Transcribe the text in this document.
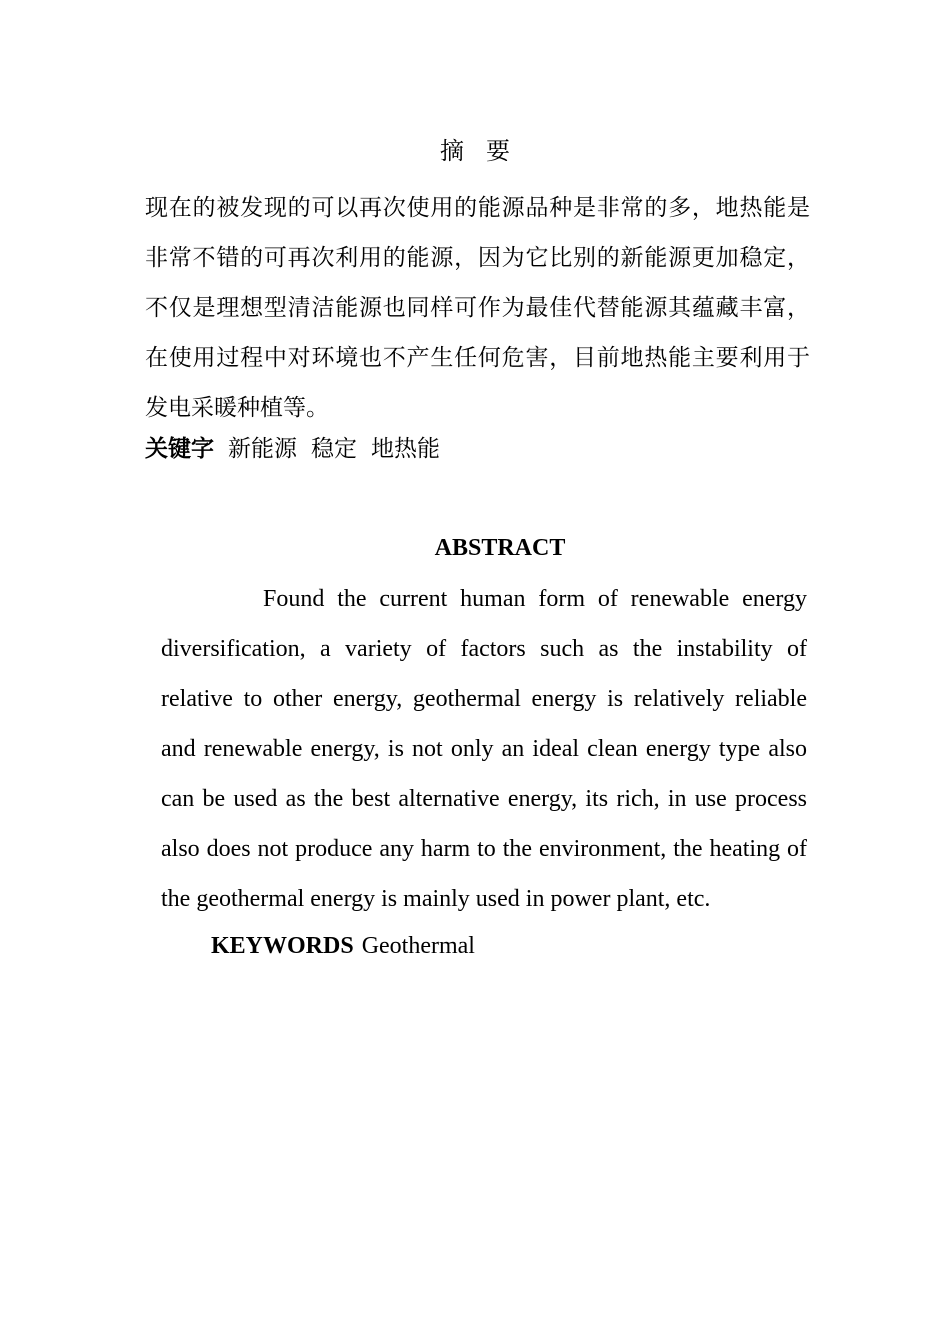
摘要

现在的被发现的可以再次使用的能源品种是非常的多，地热能是非常不错的可再次利用的能源，因为它比别的新能源更加稳定，不仅是理想型清洁能源也同样可作为最佳代替能源其蕴藏丰富，在使用过程中对环境也不产生任何危害，目前地热能主要利用于发电采暖种植等。

关键字 新能源 稳定 地热能
ABSTRACT

Found the current human form of renewable energy diversification, a variety of factors such as the instability of relative to other energy, geothermal energy is relatively reliable and renewable energy, is not only an ideal clean energy type also can be used as the best alternative energy, its rich, in use process also does not produce any harm to the environment, the heating of the geothermal energy is mainly used in power plant, etc.

KEYWORDS Geothermal
